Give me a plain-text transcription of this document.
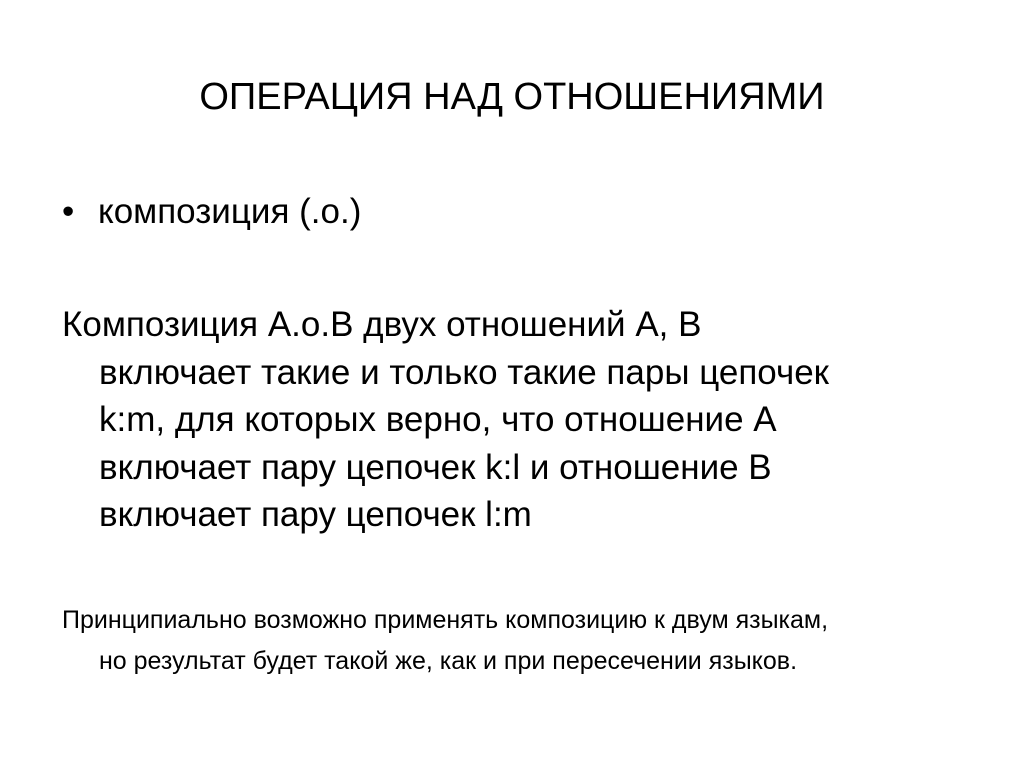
ОПЕРАЦИЯ НАД ОТНОШЕНИЯМИ
• композиция (.о.)
Композиция А.о.В двух отношений А, В
включает такие и только такие пары цепочек
k:m, для которых верно, что отношение А
включает пару цепочек k:l и отношение В
включает пару цепочек l:m
Принципиально возможно применять композицию к двум языкам,
но результат будет такой же, как и при пересечении языков.
